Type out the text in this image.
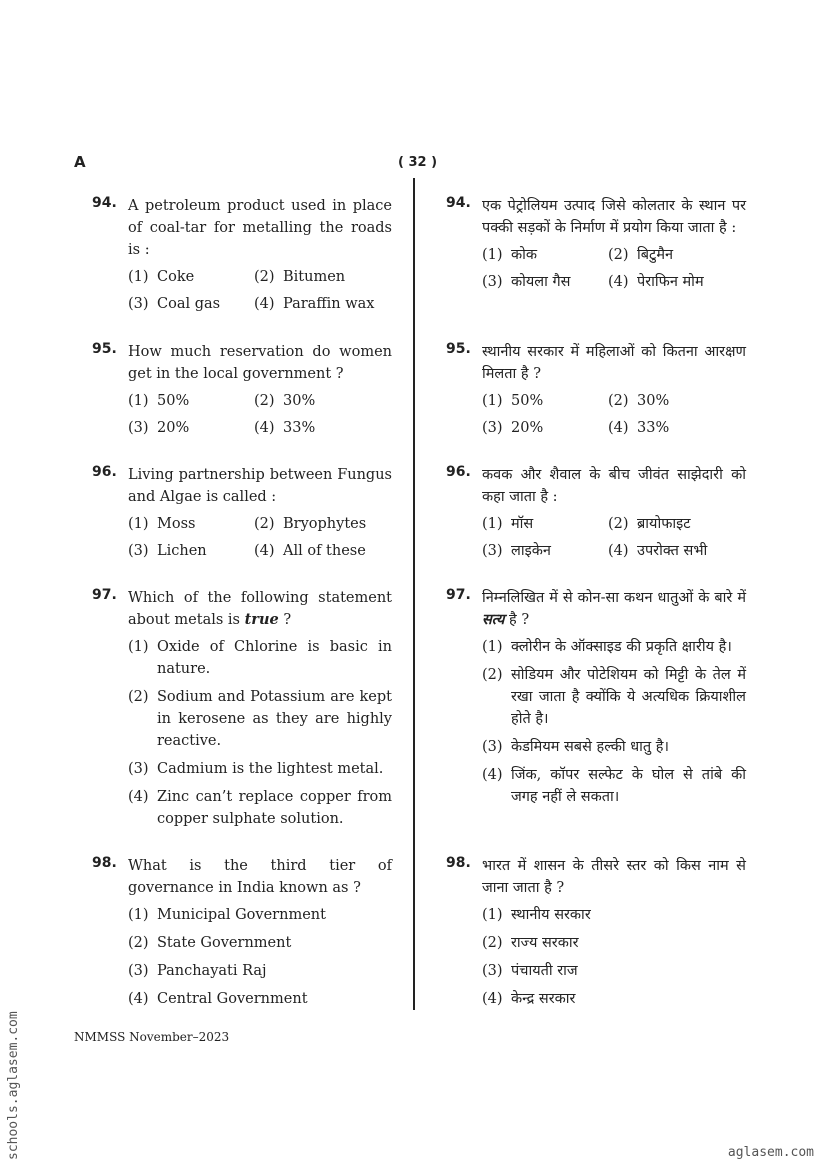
A	( 32 )
94. A petroleum product used in place of coal-tar for metalling the roads is :
(1) Coke	(2) Bitumen
(3) Coal gas (4) Paraffin wax
95. How much reservation do women get in the local government ?
(1) 50%	(2) 30%
(3) 20%	(4) 33%
96. Living partnership between Fungus and Algae is called :
(1) Moss	(2) Bryophytes
(3) Lichen	(4) All of these
97. Which of the following statement about metals is true ?
(1) Oxide of Chlorine is basic in nature.
(2) Sodium and Potassium are kept in kerosene as they are highly reactive.
(3) Cadmium is the lightest metal.
(4) Zinc can’t replace copper from copper sulphate solution.
98. What is the third tier of governance in India known as ?
(1) Municipal Government
(2) State Government
(3) Panchayati Raj
(4) Central Government
94. एक पेट्रोलियम उत्पाद जिसे कोलतार के स्थान पर पक्की सड़कों के निर्माण में प्रयोग किया जाता है :
(1) कोक	(2) बिटुमैन
(3) कोयला गैस	(4) पेराफिन मोम
95. स्थानीय सरकार में महिलाओं को कितना आरक्षण मिलता है ?
(1) 50%	(2) 30%
(3) 20%	(4) 33%
96. कवक और शैवाल के बीच जीवंत साझेदारी को कहा जाता है :
(1) मॉस	(2) ब्रायोफाइट
(3) लाइकेन	(4) उपरोक्त सभी
97. निम्नलिखित में से कोन-सा कथन धातुओं के बारे में सत्य है ?
(1) क्लोरीन के ऑक्साइड की प्रकृति क्षारीय है।
(2) सोडियम और पोटेशियम को मिट्टी के तेल में रखा जाता है क्योंकि ये अत्यधिक क्रियाशील होते है।
(3) केडमियम सबसे हल्की धातु है।
(4) जिंक, कॉपर सल्फेट के घोल से तांबे की जगह नहीं ले सकता।
98. भारत में शासन के तीसरे स्तर को किस नाम से जाना जाता है ?
(1) स्थानीय सरकार
(2) राज्य सरकार
(3) पंचायती राज
(4) केन्द्र सरकार
NMMSS November–2023
schools.aglasem.com	aglasem.com
